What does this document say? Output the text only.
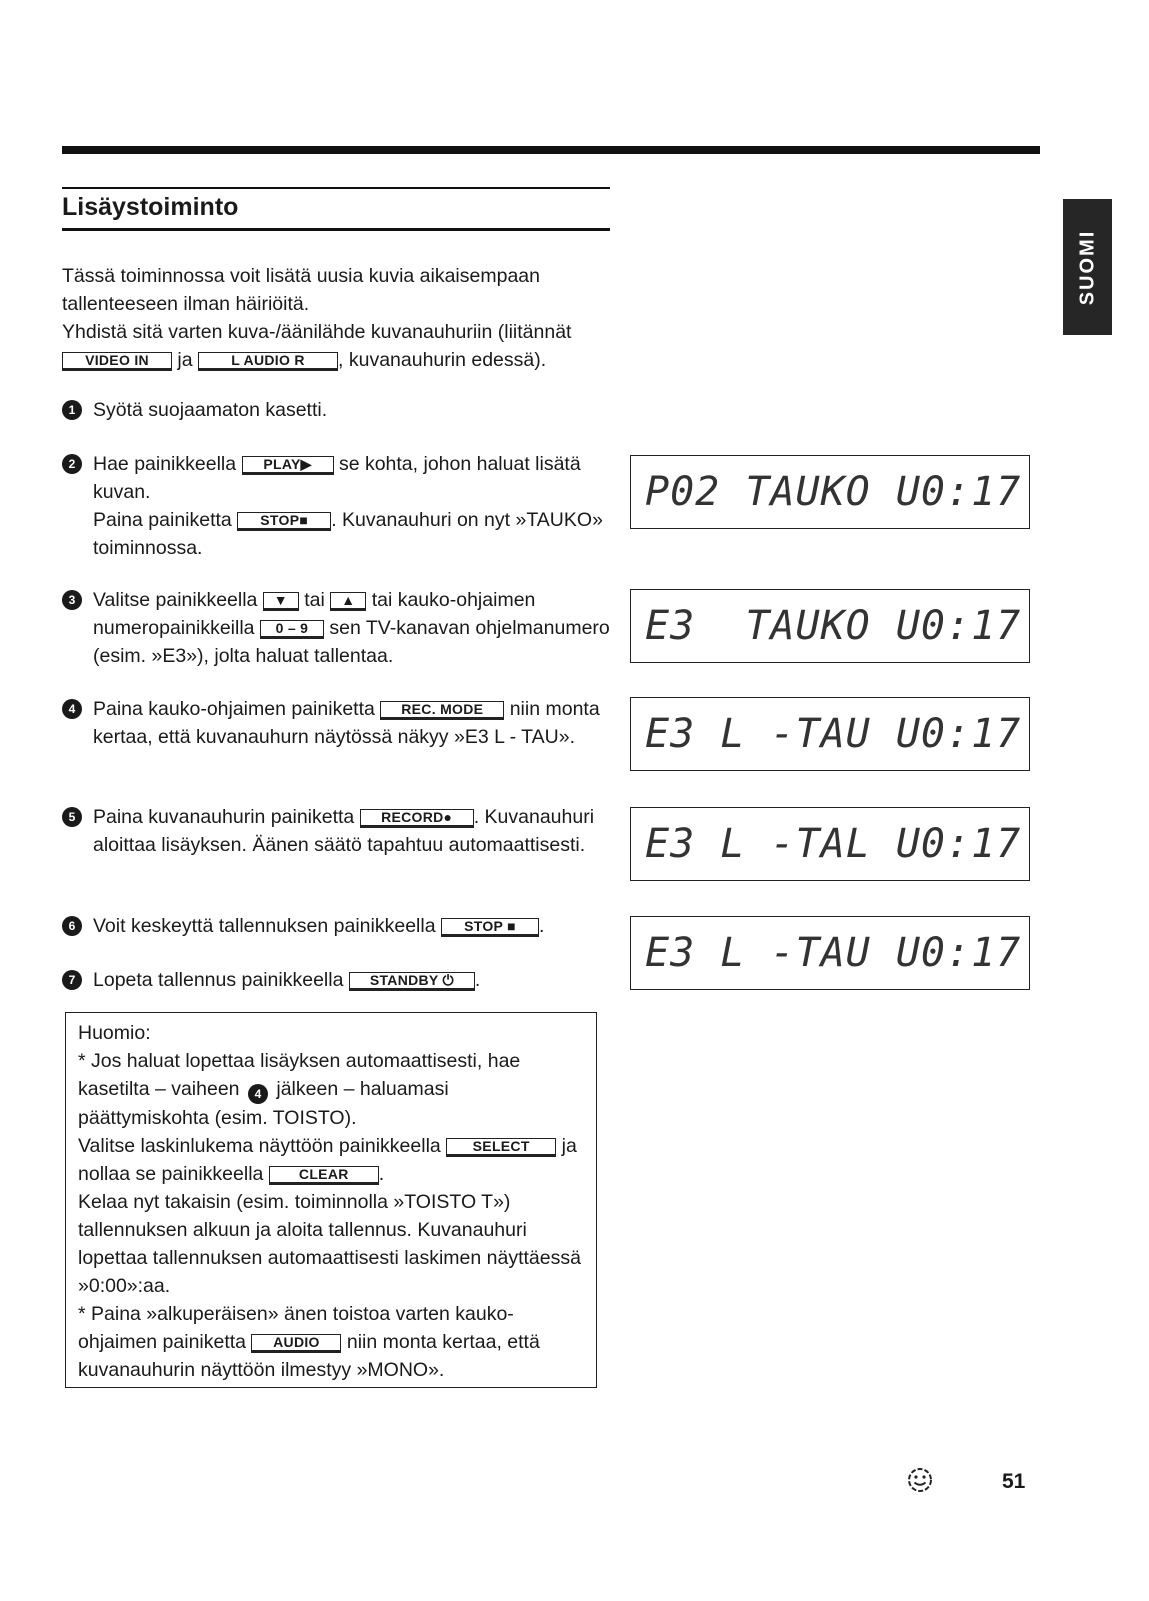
Lisäystoiminto
SUOMI
Tässä toiminnossa voit lisätä uusia kuvia aikaisempaan tallenteeseen ilman häiriöitä.
Yhdistä sitä varten kuva-/äänilähde kuvanauhuriin (liitännät
VIDEO IN ja	L AUDIO R , kuvanauhurin edessä).
1 Syötä suojaamaton kasetti.
2 Hae painikkeella PLAY▶ se kohta, johon haluat lisätä kuvan.
Paina painiketta STOP■ . Kuvanauhuri on nyt »TAUKO» toiminnossa.
3 Valitse painikkeella ▼ tai ▲ tai kauko-ohjaimen numeropainikkeilla 0 – 9 sen TV-kanavan ohjelmanumero (esim. »E3»), jolta haluat tallentaa.
4 Paina kauko-ohjaimen painiketta REC. MODE niin monta kertaa, että kuvanauhurn näytössä näkyy »E3 L - TAU».
5 Paina kuvanauhurin painiketta RECORD● . Kuvanauhuri aloittaa lisäyksen. Äänen säätö tapahtuu automaattisesti.
6 Voit keskeyttä tallennuksen painikkeella STOP ■ .
7 Lopeta tallennus painikkeella STANDBY ⏻ .
P02 TAUKO U0:17
E3  TAUKO U0:17
E3 L -TAU U0:17
E3 L -TAL U0:17
E3 L -TAU U0:17
Huomio:
* Jos haluat lopettaa lisäyksen automaattisesti, hae kasetilta – vaiheen 4 jälkeen – haluamasi päättymiskohta (esim. TOISTO).
Valitse laskinlukema näyttöön painikkeella SELECT ja nollaa se painikkeella	CLEAR .
Kelaa nyt takaisin (esim. toiminnolla »TOISTO T») tallennuksen alkuun ja aloita tallennus. Kuvanauhuri lopettaa tallennuksen automaattisesti laskimen näyttäessä »0:00»:aa.
* Paina »alkuperäisen» änen toistoa varten kauko-ohjaimen painiketta AUDIO niin monta kertaa, että kuvanauhurin näyttöön ilmestyy »MONO».
51
